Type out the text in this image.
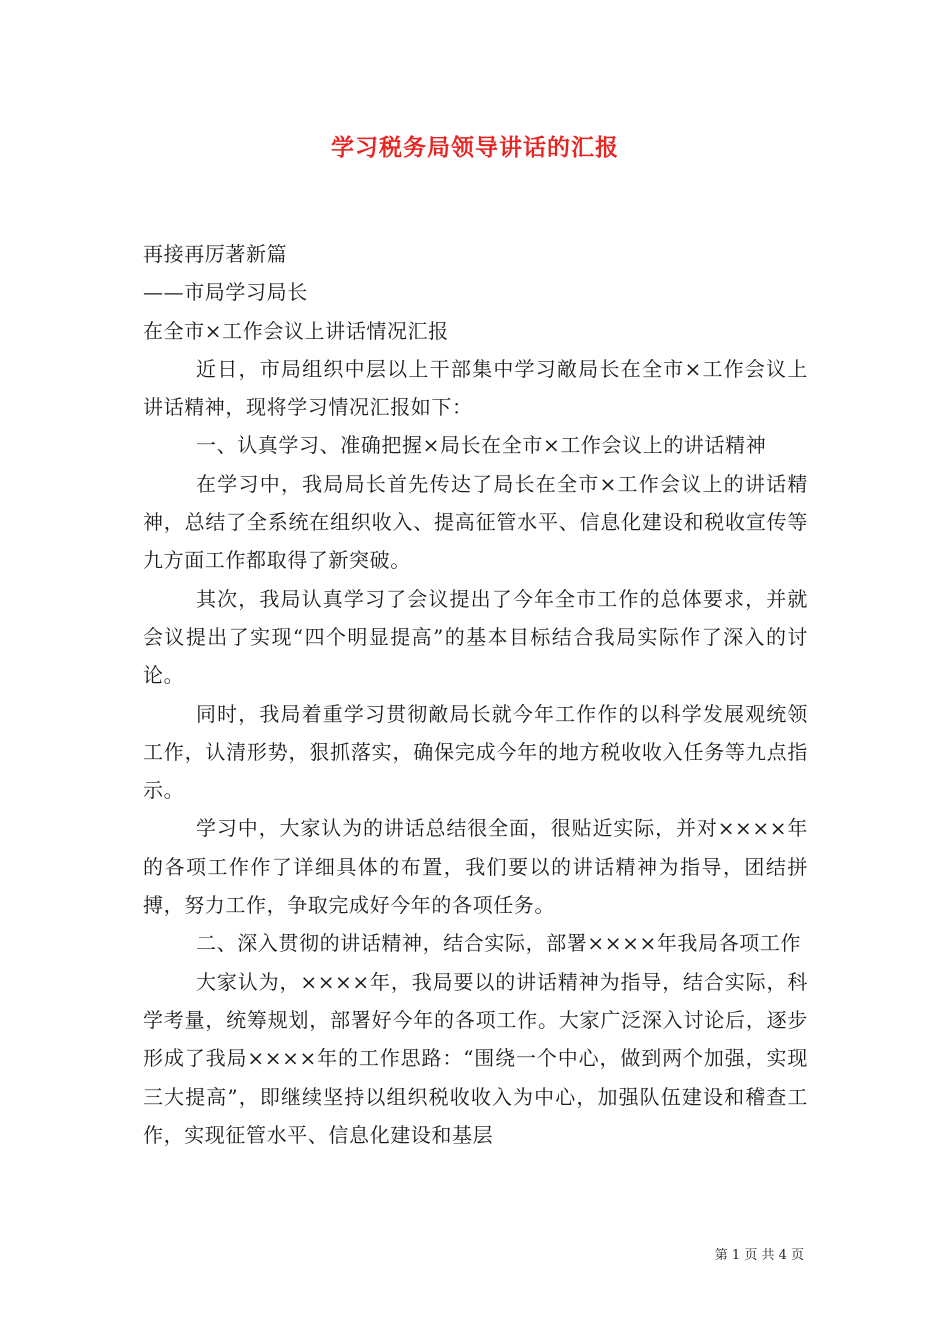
学习税务局领导讲话的汇报

再接再厉著新篇

——市局学习局长

在全市×工作会议上讲话情况汇报

近日，市局组织中层以上干部集中学习敵局长在全市×工作会议上讲话精神，现将学习情况汇报如下：

一、认真学习、准确把握×局长在全市×工作会议上的讲话精神

在学习中，我局局长首先传达了局长在全市×工作会议上的讲话精神，总结了全系统在组织收入、提高征管水平、信息化建设和税收宣传等九方面工作都取得了新突破。

其次，我局认真学习了会议提出了今年全市工作的总体要求，并就会议提出了实现“四个明显提高”的基本目标结合我局实际作了深入的讨论。

同时，我局着重学习贯彻敵局长就今年工作作的以科学发展观统领工作，认清形势，狠抓落实，确保完成今年的地方税收收入任务等九点指示。

学习中，大家认为的讲话总结很全面，很贴近实际，并对××××年的各项工作作了详细具体的布置，我们要以的讲话精神为指导，团结拼搏，努力工作，争取完成好今年的各项任务。

二、深入贯彻的讲话精神，结合实际，部署××××年我局各项工作

大家认为，××××年，我局要以的讲话精神为指导，结合实际，科学考量，统筹规划，部署好今年的各项工作。大家广泛深入讨论后，逐步形成了我局××××年的工作思路：“围绕一个中心，做到两个加强，实现三大提高”，即继续坚持以组织税收收入为中心，加强队伍建设和稽查工作，实现征管水平、信息化建设和基层

第 1 页 共 4 页
